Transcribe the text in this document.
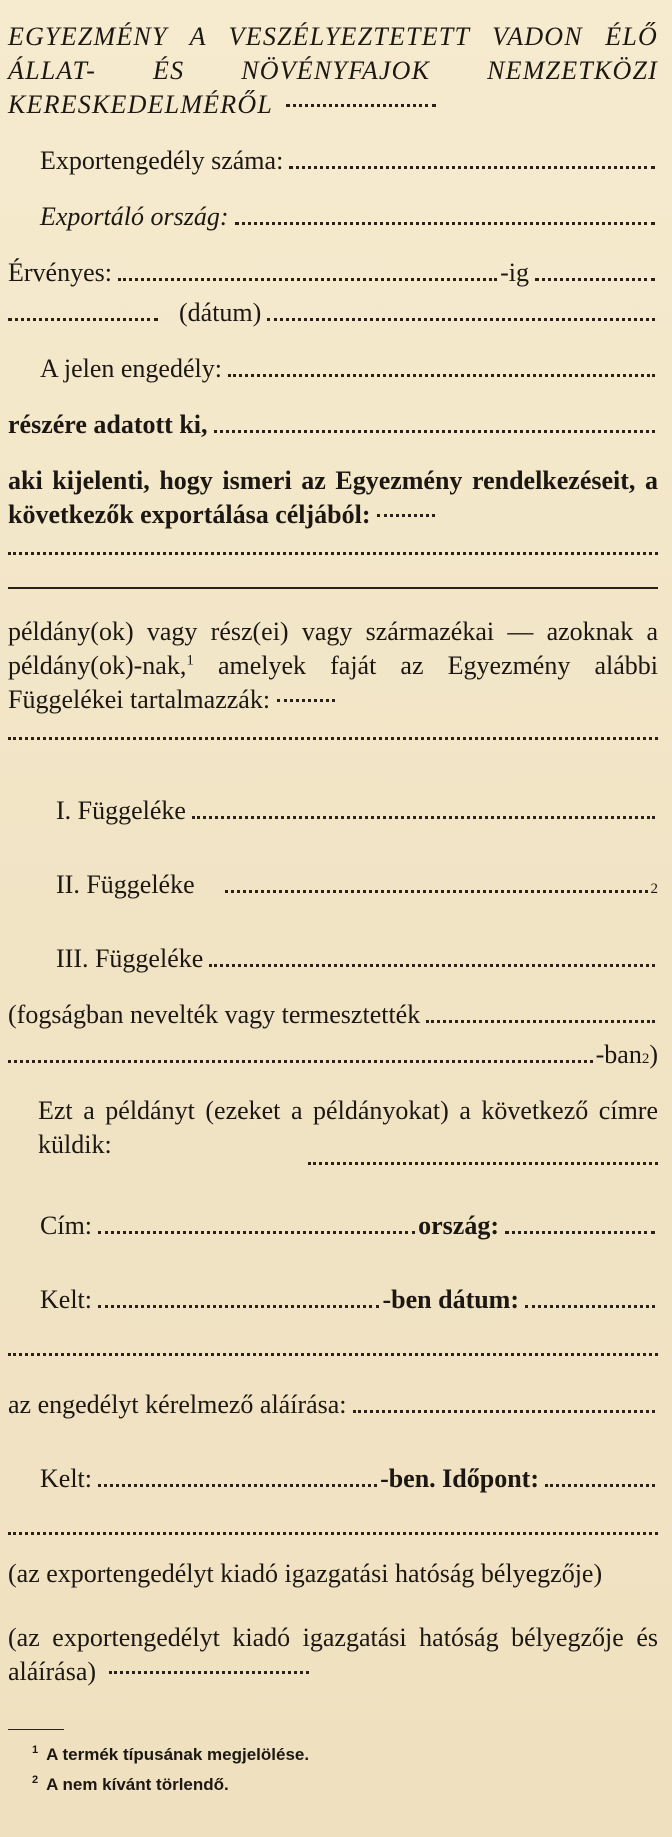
EGYEZMÉNY A VESZÉLYEZTETETT VADON ÉLŐ ÁLLAT- ÉS NÖVÉNYFAJOK NEMZETKÖZI KERESKEDELMÉRŐL
Exportengedély száma:
Exportáló ország:
Érvényes:	-ig
(dátum)
A jelen engedély:
részére adatott ki,
aki kijelenti, hogy ismeri az Egyezmény rendelkezéseit, a következők exportálása céljából:
példány(ok) vagy rész(ei) vagy származékai — azoknak a példány(ok)-nak,$^1$ amelyek faját az Egyezmény alábbi Függelékei tartalmazzák:
I. Függeléke
II. Függeléke	2
III. Függeléke
(fogságban nevelték vagy termesztették
-ban 2 )
Ezt a példányt (ezeket a példányokat) a következő címre küldik:
Cím:	ország:
Kelt:	-ben dátum:
az engedélyt kérelmező aláírása:
Kelt:	-ben. Időpont:
(az exportengedélyt kiadó igazgatási hatóság bélyegzője)
(az exportengedélyt kiadó igazgatási hatóság bélyegzője és aláírása)
$^1$ A termék típusának megjelölése.
$^2$ A nem kívánt törlendő.
